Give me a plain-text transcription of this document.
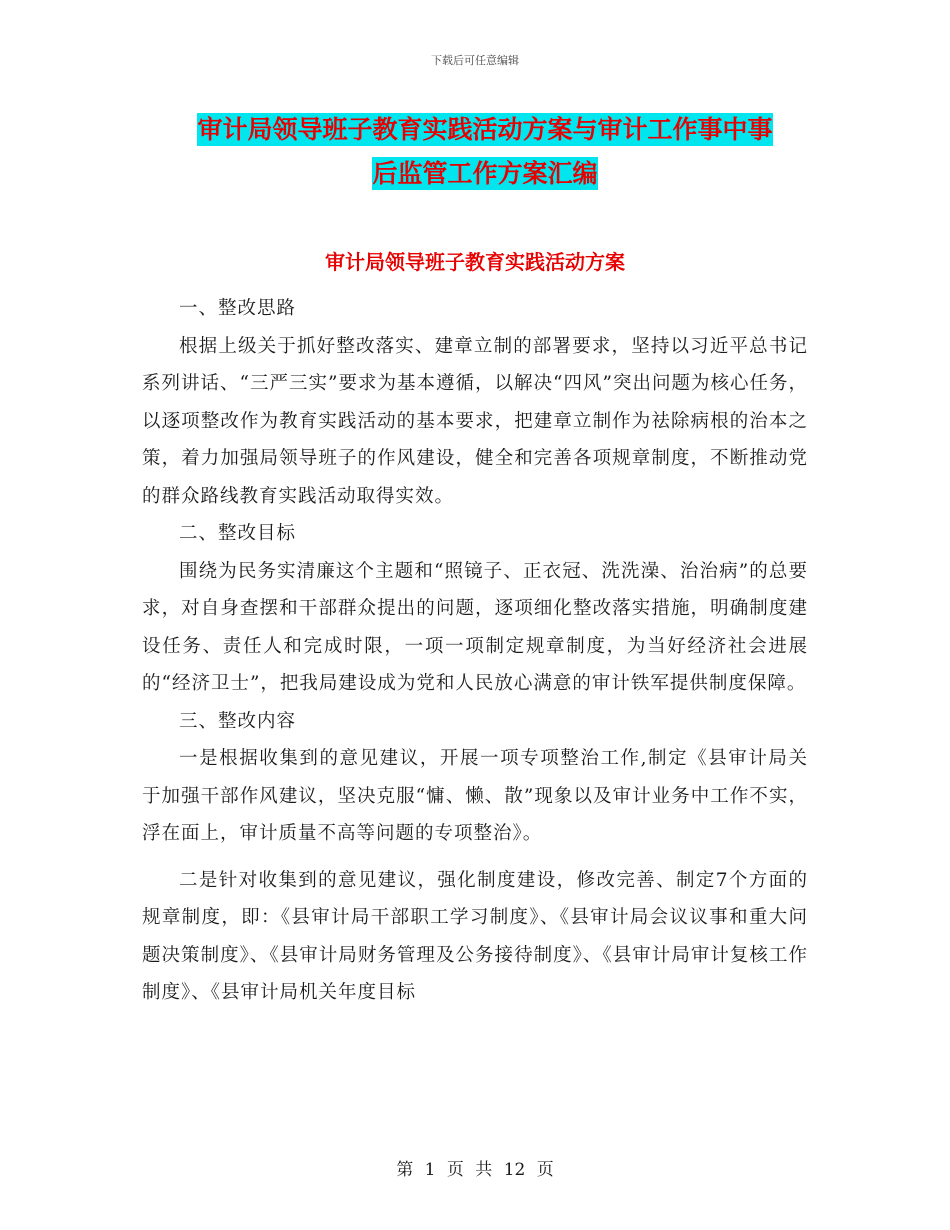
下载后可任意编辑
审计局领导班子教育实践活动方案与审计工作事中事
后监管工作方案汇编
审计局领导班子教育实践活动方案

一、整改思路

根据上级关于抓好整改落实、建章立制的部署要求，坚持以习近平总书记系列讲话、“三严三实”要求为基本遵循，以解决“四风”突出问题为核心任务，以逐项整改作为教育实践活动的基本要求，把建章立制作为祛除病根的治本之策，着力加强局领导班子的作风建设，健全和完善各项规章制度，不断推动党的群众路线教育实践活动取得实效。

二、整改目标

围绕为民务实清廉这个主题和“照镜子、正衣冠、洗洗澡、治治病”的总要求，对自身查摆和干部群众提出的问题，逐项细化整改落实措施，明确制度建设任务、责任人和完成时限，一项一项制定规章制度，为当好经济社会进展的“经济卫士”，把我局建设成为党和人民放心满意的审计铁军提供制度保障。

三、整改内容

一是根据收集到的意见建议，开展一项专项整治工作,制定《县审计局关于加强干部作风建议，坚决克服“慵、懒、散”现象以及审计业务中工作不实，浮在面上，审计质量不高等问题的专项整治》。

二是针对收集到的意见建议，强化制度建设，修改完善、制定7个方面的规章制度，即：《县审计局干部职工学习制度》、《县审计局会议议事和重大问题决策制度》、《县审计局财务管理及公务接待制度》、《县审计局审计复核工作制度》、《县审计局机关年度目标

第 1 页 共 12 页
